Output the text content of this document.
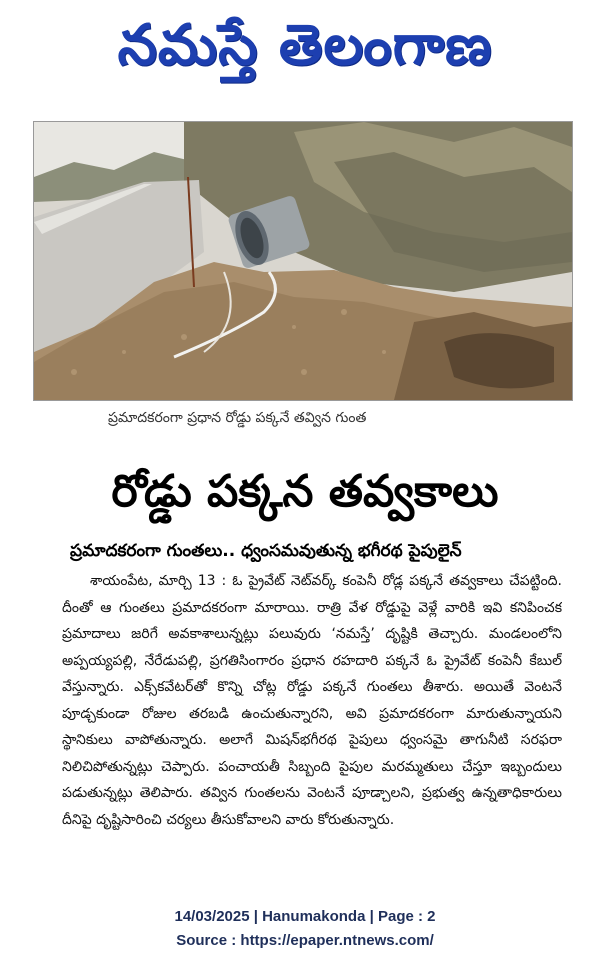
నమస్తే తెలంగాణ
ప్రమాదకరంగా ప్రధాన రోడ్డు పక్కనే తవ్విన గుంత
రోడ్డు పక్కన తవ్వకాలు
ప్రమాదకరంగా గుంతలు.. ధ్వంసమవుతున్న భగీరథ పైపులైన్
శాయంపేట, మార్చి 13 : ఓ ప్రైవేట్ నెట్‌వర్క్ కంపెనీ రోడ్ల పక్కనే తవ్వకాలు చేపట్టింది. దీంతో ఆ గుంతలు ప్రమాదకరంగా మారాయి. రాత్రి వేళ రోడ్డుపై వెళ్లే వారికి ఇవి కనిపించక ప్రమాదాలు జరిగే అవకాశాలున్నట్లు పలువురు ‘నమస్తే’ దృష్టికి తెచ్చారు. మండలంలోని అప్పయ్యపల్లి, నేరేడుపల్లి, ప్రగతిసింగారం ప్రధాన రహదారి పక్కనే ఓ ప్రైవేట్ కంపెనీ కేబుల్ వేస్తున్నారు. ఎక్స్‌కవేటర్‌తో కొన్ని చోట్ల రోడ్డు పక్కనే గుంతలు తీశారు. అయితే వెంటనే పూడ్చకుండా రోజుల తరబడి ఉంచుతున్నారని, అవి ప్రమాదకరంగా మారుతున్నాయని స్థానికులు వాపోతున్నారు. అలాగే మిషన్‌భగీరథ పైపులు ధ్వంసమై తాగునీటి సరఫరా నిలిచిపోతున్నట్లు చెప్పారు. పంచాయతీ సిబ్బంది పైపుల మరమ్మతులు చేస్తూ ఇబ్బందులు పడుతున్నట్లు తెలిపారు. తవ్విన గుంతలను వెంటనే పూడ్చాలని, ప్రభుత్వ ఉన్నతాధికారులు దీనిపై దృష్టిసారించి చర్యలు తీసుకోవాలని వారు కోరుతున్నారు.
14/03/2025 | Hanumakonda | Page : 2
Source : https://epaper.ntnews.com/
